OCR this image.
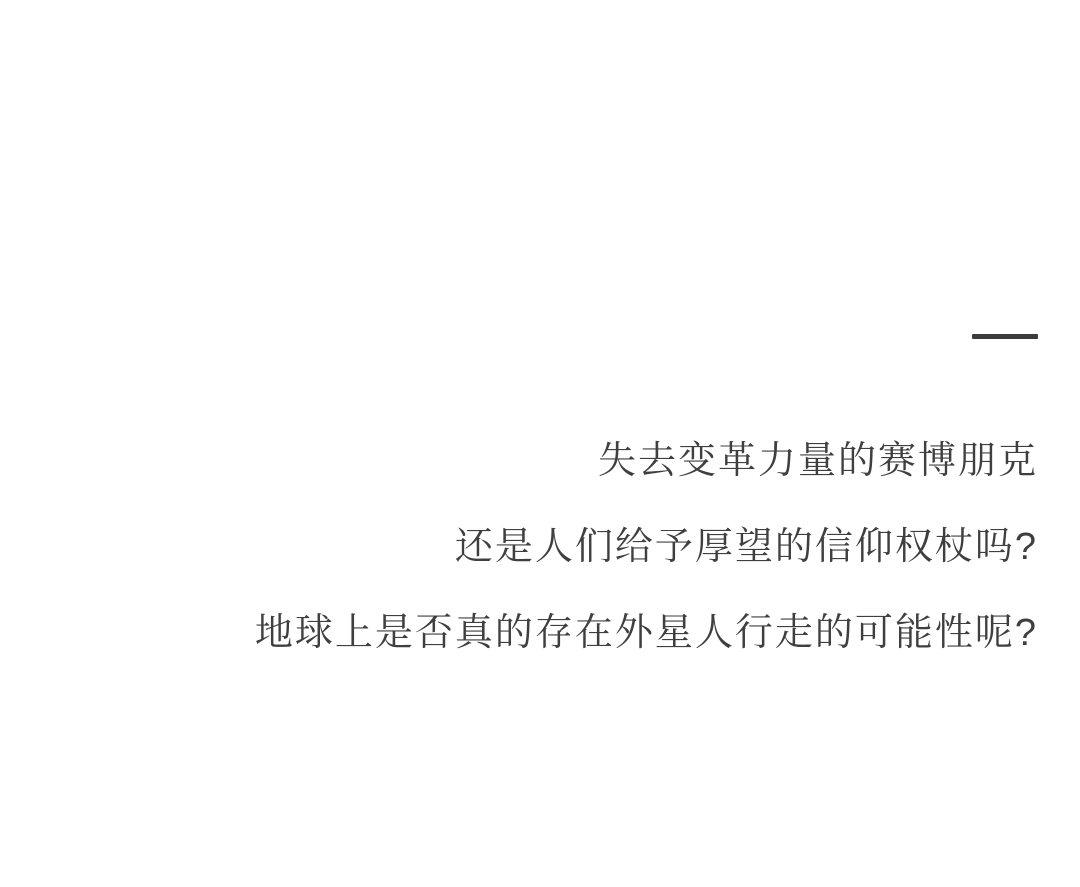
失去变革力量的赛博朋克
还是人们给予厚望的信仰权杖吗?
地球上是否真的存在外星人行走的可能性呢?
